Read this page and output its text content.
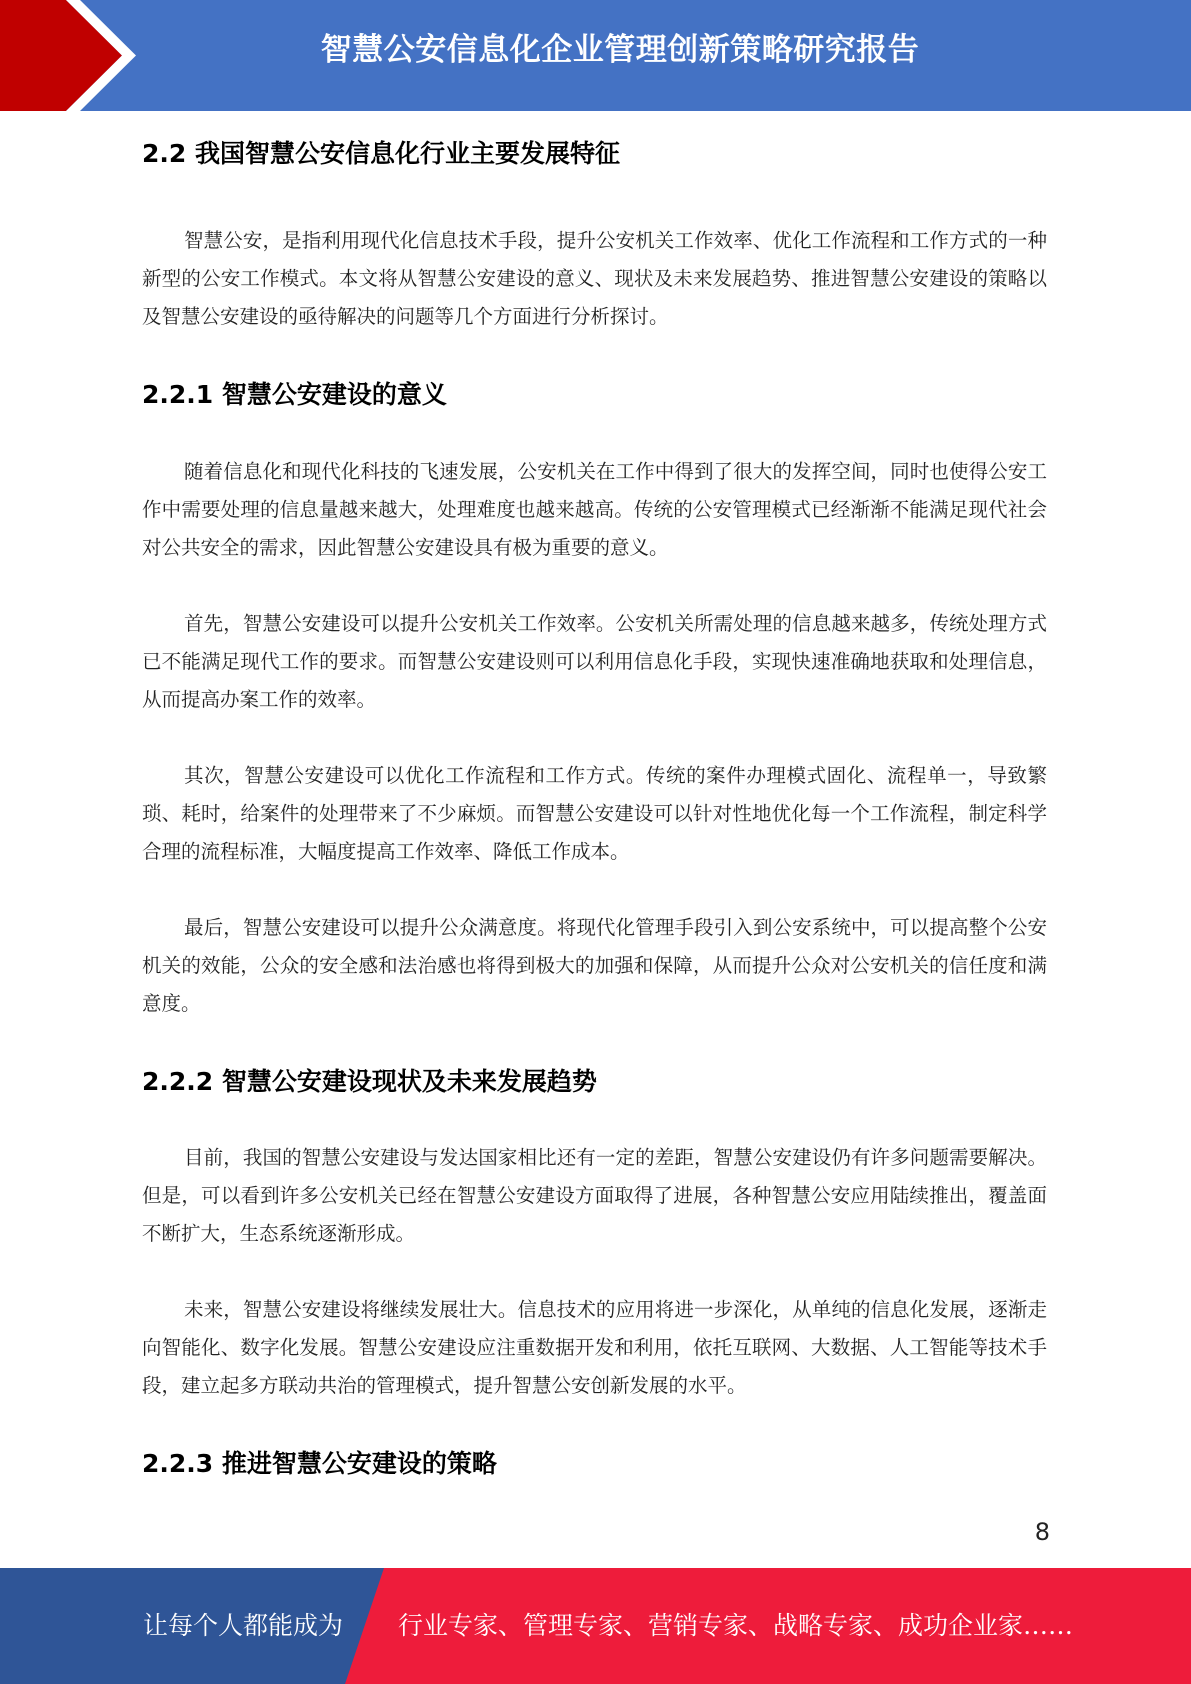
智慧公安信息化企业管理创新策略研究报告
2.2 我国智慧公安信息化行业主要发展特征
智慧公安，是指利用现代化信息技术手段，提升公安机关工作效率、优化工作流程和工作方式的一种新型的公安工作模式。本文将从智慧公安建设的意义、现状及未来发展趋势、推进智慧公安建设的策略以及智慧公安建设的亟待解决的问题等几个方面进行分析探讨。
2.2.1 智慧公安建设的意义
随着信息化和现代化科技的飞速发展，公安机关在工作中得到了很大的发挥空间，同时也使得公安工作中需要处理的信息量越来越大，处理难度也越来越高。传统的公安管理模式已经渐渐不能满足现代社会对公共安全的需求，因此智慧公安建设具有极为重要的意义。
首先，智慧公安建设可以提升公安机关工作效率。公安机关所需处理的信息越来越多，传统处理方式已不能满足现代工作的要求。而智慧公安建设则可以利用信息化手段，实现快速准确地获取和处理信息，从而提高办案工作的效率。
其次，智慧公安建设可以优化工作流程和工作方式。传统的案件办理模式固化、流程单一，导致繁琐、耗时，给案件的处理带来了不少麻烦。而智慧公安建设可以针对性地优化每一个工作流程，制定科学合理的流程标准，大幅度提高工作效率、降低工作成本。
最后，智慧公安建设可以提升公众满意度。将现代化管理手段引入到公安系统中，可以提高整个公安机关的效能，公众的安全感和法治感也将得到极大的加强和保障，从而提升公众对公安机关的信任度和满意度。
2.2.2 智慧公安建设现状及未来发展趋势
目前，我国的智慧公安建设与发达国家相比还有一定的差距，智慧公安建设仍有许多问题需要解决。但是，可以看到许多公安机关已经在智慧公安建设方面取得了进展，各种智慧公安应用陆续推出，覆盖面不断扩大，生态系统逐渐形成。
未来，智慧公安建设将继续发展壮大。信息技术的应用将进一步深化，从单纯的信息化发展，逐渐走向智能化、数字化发展。智慧公安建设应注重数据开发和利用，依托互联网、大数据、人工智能等技术手段，建立起多方联动共治的管理模式，提升智慧公安创新发展的水平。
2.2.3 推进智慧公安建设的策略
8
让每个人都能成为 行业专家、管理专家、营销专家、战略专家、成功企业家……
